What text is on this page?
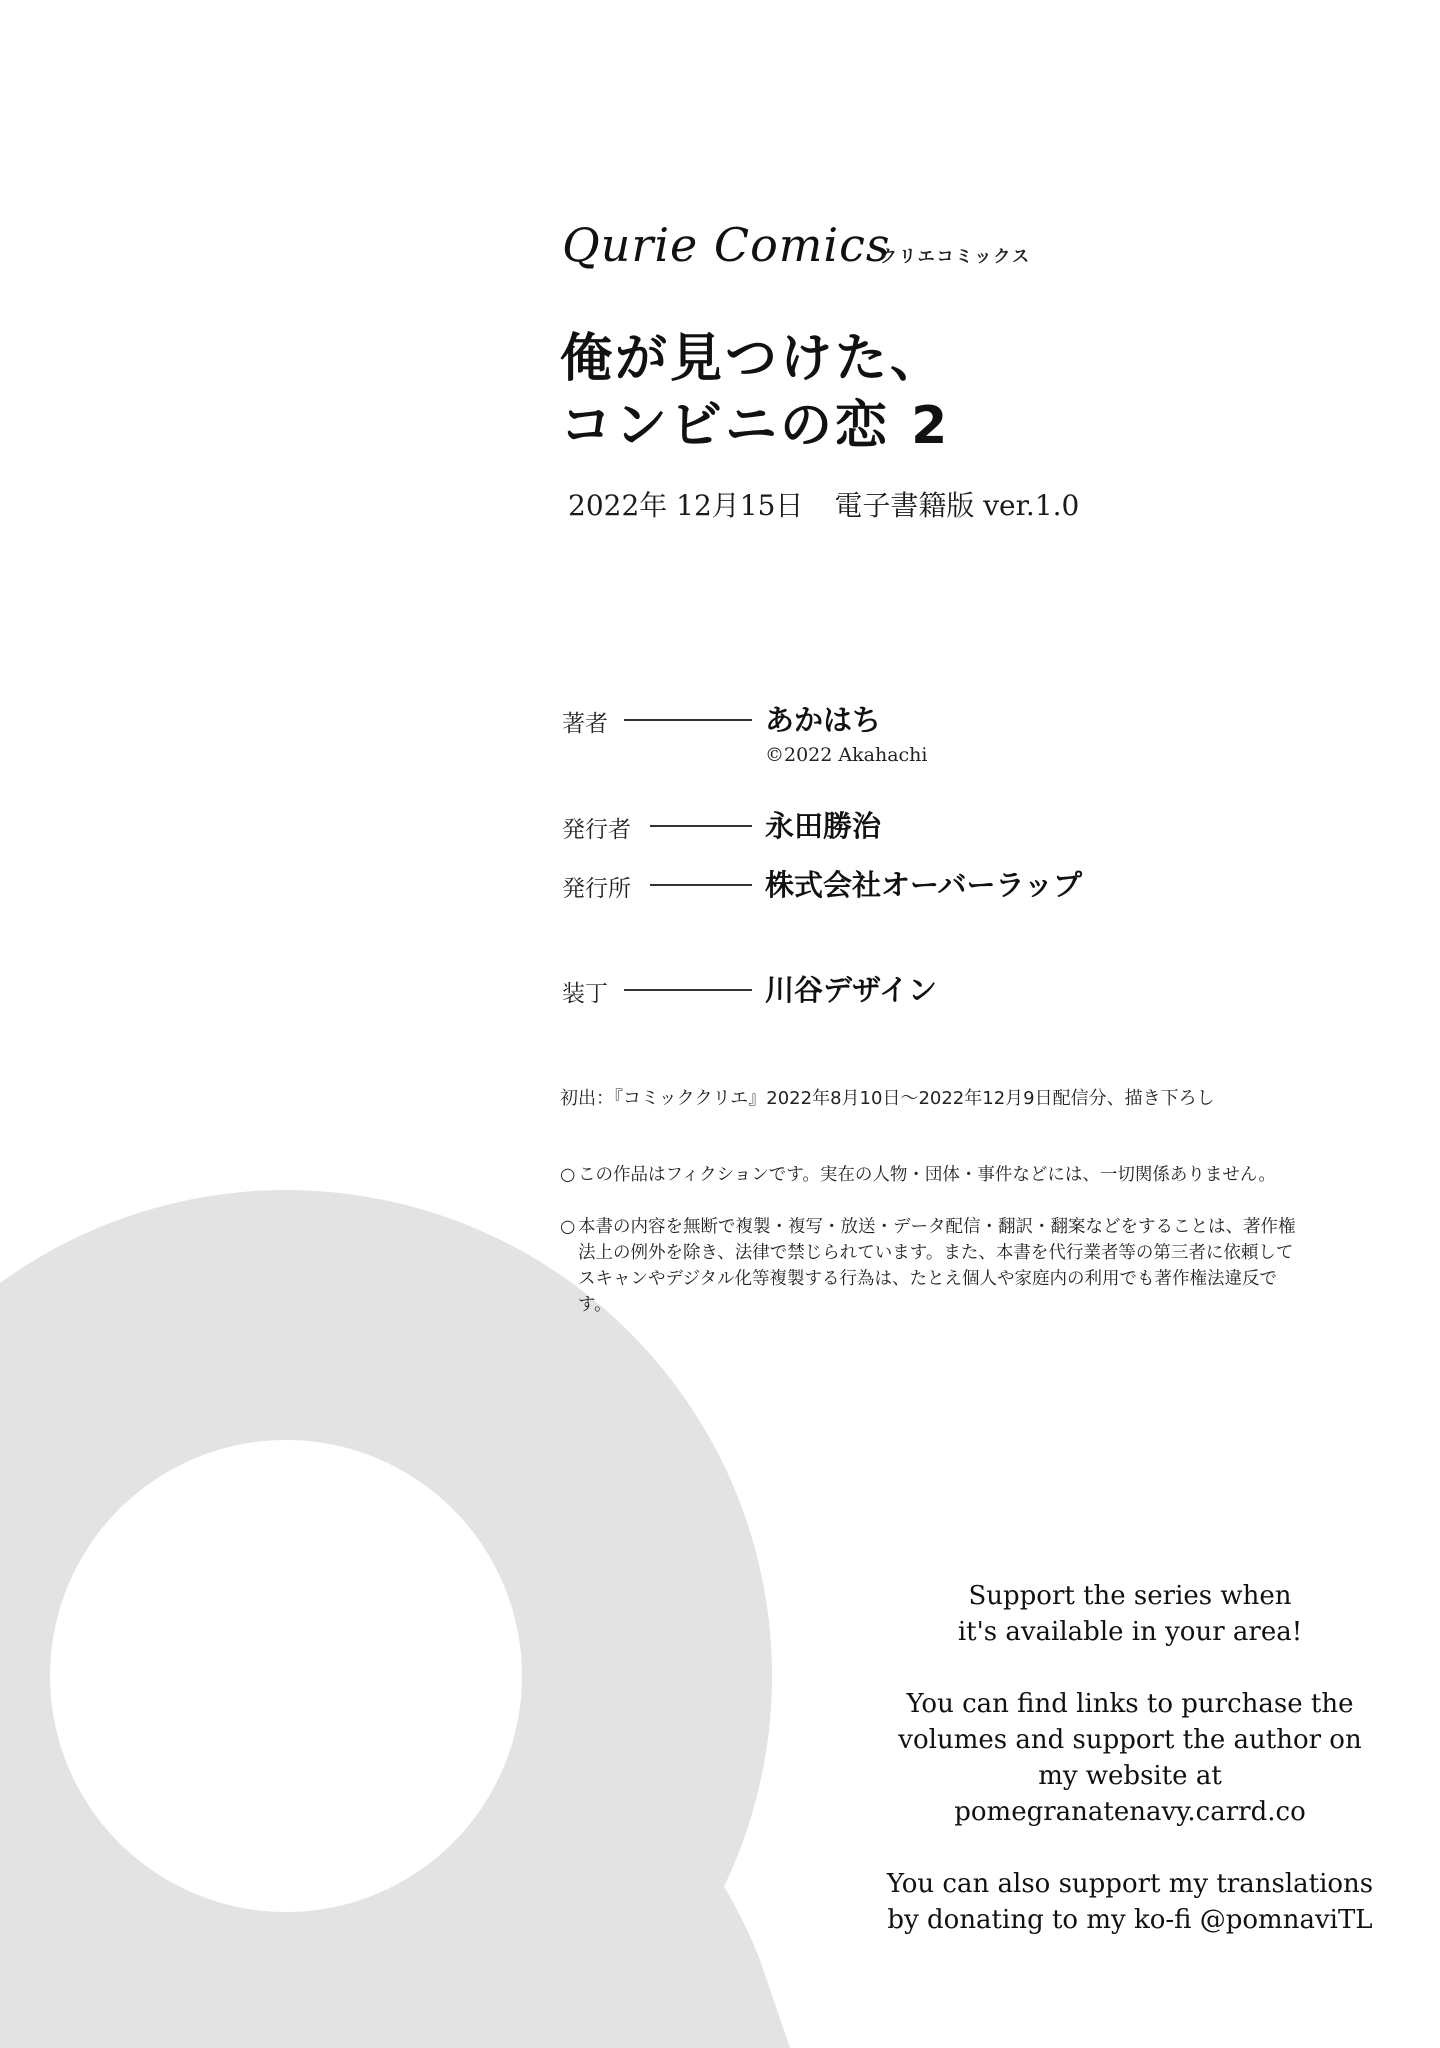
Qurie Comics
クリエコミックス
俺が見つけた、
コンビニの恋 2
2022年 12月15日 電子書籍版 ver.1.0
著者	あかはち
©2022 Akahachi
発行者	永田勝治
発行所	株式会社オーバーラップ
装丁	川谷デザイン
初出：『コミッククリエ』2022年8月10日～2022年12月9日配信分、描き下ろし
○ この作品はフィクションです。実在の人物・団体・事件などには、一切関係ありません。
○ 本書の内容を無断で複製・複写・放送・データ配信・翻訳・翻案などをすることは、著作権法上の例外を除き、法律で禁じられています。また、本書を代行業者等の第三者に依頼してスキャンやデジタル化等複製する行為は、たとえ個人や家庭内の利用でも著作権法違反です。

Support the series when
it's available in your area!

You can find links to purchase the
volumes and support the author on
my website at
pomegranatenavy.carrd.co

You can also support my translations
by donating to my ko-fi @pomnaviTL
